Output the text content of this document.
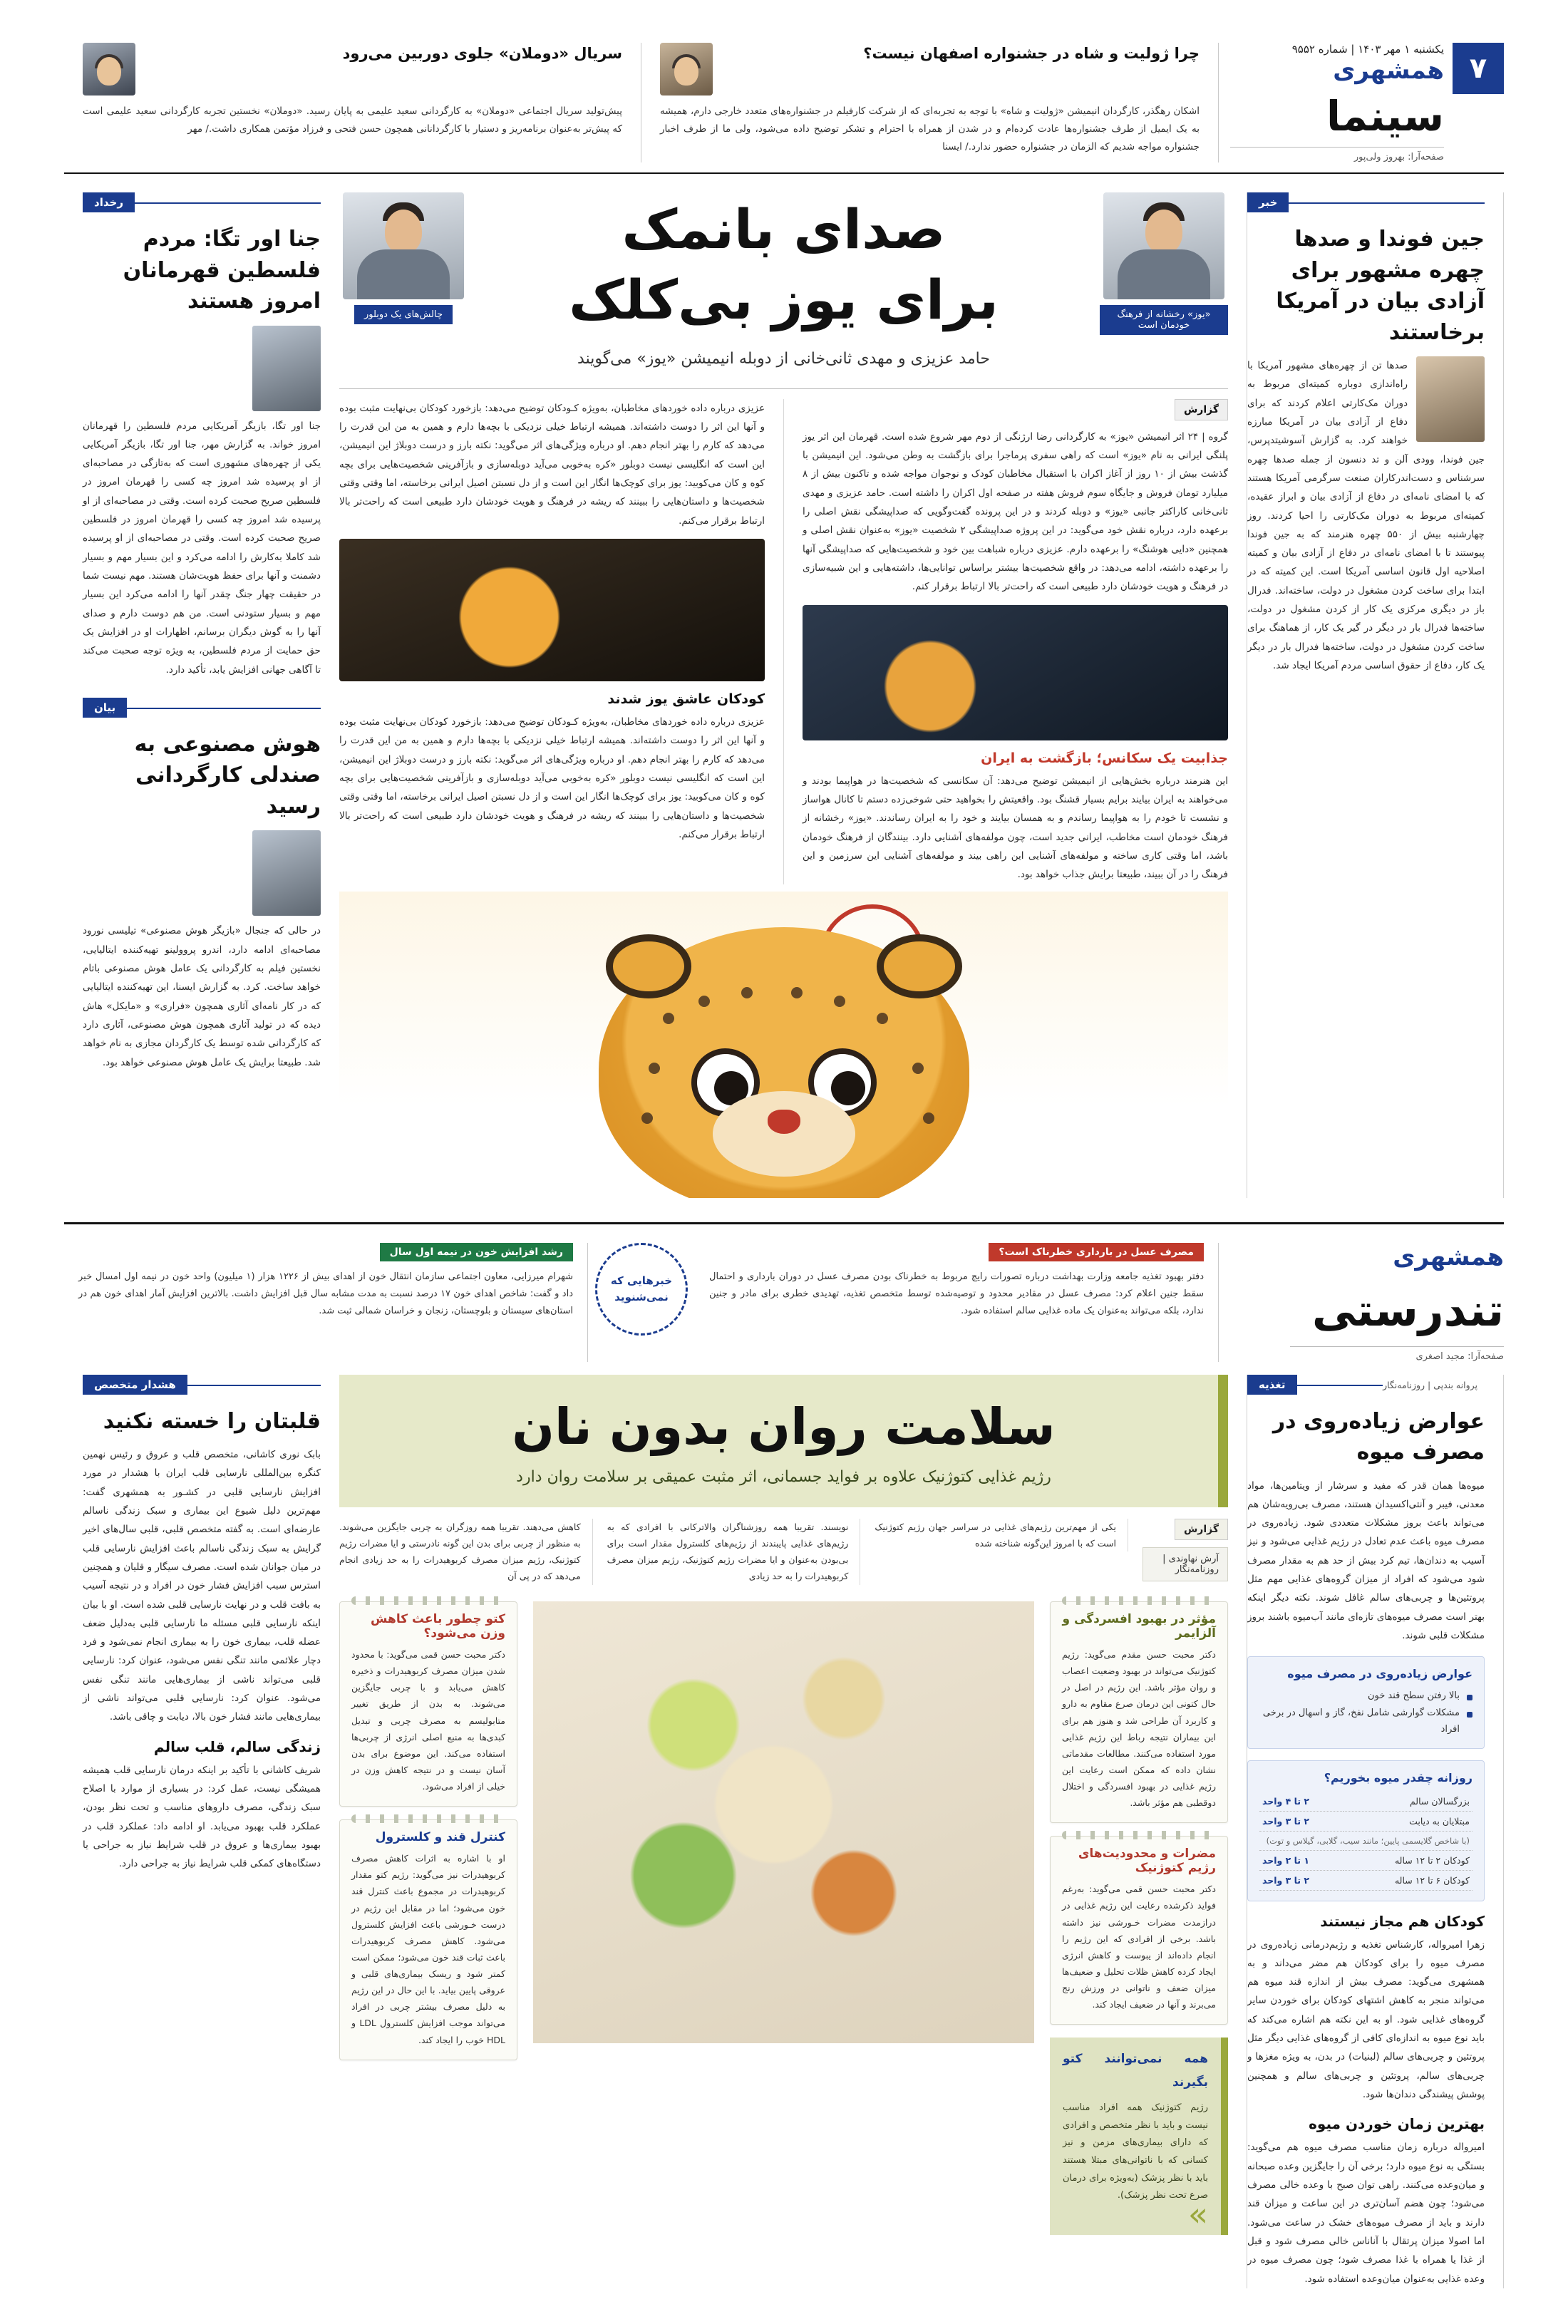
۷
یکشنبه ۱ مهر ۱۴۰۳ | شماره ۹۵۵۲
همشهری
سینما
صفحه‌آرا: بهروز ولی‌پور
چرا ژولیت و شاه در جشنواره اصفهان نیست؟
اشکان رهگذر، کارگردان انیمیشن «ژولیت و شاه» با توجه به تجربه‌ای که از شرکت کارفیلم در جشنواره‌های متعدد خارجی دارم، همیشه به یک ایمیل از طرف جشنواره‌ها عادت کرده‌ام و در شدن از همراه با احترام و تشکر توضیح داده می‌شود، ولی ما از طرف اخبار جشنواره مواجه شدیم که الزمان در جشنواره حضور ندارد./ ایسنا
سریال «دوملان» جلوی دوربین می‌رود
پیش‌تولید سریال اجتماعی «دوملان» به کارگردانی سعید علیمی به پایان رسید. «دوملان» نخستین تجربه کارگردانی سعید علیمی است که پیش‌تر به‌عنوان برنامه‌ریز و دستیار با کارگردانانی همچون حسن فتحی و فرزاد مؤتمن همکاری داشت./ مهر
خبر
جین فوندا و صدها چهره مشهور برای آزادی بیان در آمریکا برخاستند
صدها تن از چهره‌های مشهور آمریکا با راه‌اندازی دوباره کمیته‌ای مربوط به دوران مک‌کارتی اعلام کردند که برای دفاع از آزادی بیان در آمریکا مبارزه خواهند کرد. به گزارش آسوشیتدپرس، جین فوندا، وودی آلن و تد دنسون از جمله صدها چهره سرشناس و دست‌اندرکاران صنعت سرگرمی آمریکا هستند که با امضای نامه‌ای در دفاع از آزادی بیان و ابراز عقیده، کمیته‌ای مربوط به دوران مک‌کارتی را احیا کردند. روز چهارشنبه بیش از ۵۵۰ چهره هنرمند که به جین فوندا پیوستند تا با امضای نامه‌ای در دفاع از آزادی بیان و کمیته اصلاحیه اول قانون اساسی آمریکا است. این کمیته که در ابتدا برای ساخت کردن مشغول در دولت، ساخته‌اند. فدرال باز در دیگری مرکزی یک کار از کردن مشغول در دولت، ساخته‌ها فدرال بار در دیگر در گیر یک کار، از هماهنگ برای ساخت کردن مشغول در دولت، ساخته‌ها فدرال بار در دیگر یک کار، دفاع از حقوق اساسی مردم آمریکا ایجاد شد.
«یوز» رخشانه از فرهنگ خودمان است
صدای بانمک
برای یوز بی‌کلک
حامد عزیزی و مهدی ثانی‌خانی از دوبله انیمیشن «یوز» می‌گویند
چالش‌های یک دوبلور
گزارش
گروه | ۲۴ اثر انیمیشن «یوز» به کارگردانی رضا ارژنگی از دوم مهر شروع شده است. قهرمان این اثر یوز پلنگی ایرانی به نام «یوز» است که راهی سفری پرماجرا برای بازگشت به وطن می‌شود. این انیمیشن با گذشت بیش از ۱۰ روز از آغاز اکران با استقبال مخاطبان کودک و نوجوان مواجه شده و تاکنون بیش از ۸ میلیارد تومان فروش و جایگاه سوم فروش هفته در صفحه اول اکران را داشته است. حامد عزیزی و مهدی ثانی‌خانی کاراکتر جانبی «یوز» و دوبله کردند و در این پرونده گفت‌وگویی که صداپیشگی نقش اصلی را برعهده دارد، درباره نقش خود می‌گوید: در این پروژه صداپیشگی ۲ شخصیت «یوز» به‌عنوان نقش اصلی و همچنین «دایی هوشنگ» را برعهده دارم. عزیزی درباره شباهت بین خود و شخصیت‌هایی که صداپیشگی آنها را برعهده داشته، ادامه می‌دهد: در واقع شخصیت‌ها بیشتر براساس توانایی‌ها، داشته‌هایی و این شبیه‌سازی در فرهنگ و هویت خودشان دارد طبیعی است که راحت‌تر بالا ارتباط برقرار کنم.
جذابیت یک سکانس؛ بازگشت به ایران
این هنرمند درباره بخش‌هایی از انیمیشن توضیح می‌دهد: آن سکانسی که شخصیت‌ها در هواپیما بودند و می‌خواهند به ایران بیایند برایم بسیار قشنگ بود. واقعیتش را بخواهید حتی شوخی‌زده دستم تا کانال هواساز و نشست تا خودم را به هواپیما رساندم و به همسان بیایند و خود را به ایران رساندند. «یوز» رخشانه از فرهنگ خودمان است مخاطب، ایرانی جدید است، چون مولفه‌های آشنایی دارد. بینندگان از فرهنگ خودمان باشد، اما وقتی کاری ساخته و مولفه‌های آشنایی این راهی بیند و مولفه‌های آشنایی این سرزمین و این فرهنگ را در آن ببیند، طبیعتا برایش جذاب خواهد بود.
عزیزی درباره داده خوردهای مخاطبان، به‌ویژه کـودکان توضیح می‌دهد: بازخورد کودکان بی‌نهایت مثبت بوده و آنها این اثر را دوست داشته‌اند. همیشه ارتباط خیلی نزدیکی با بچه‌ها دارم و همین به من این قدرت را می‌دهد که کارم را بهتر انجام دهم. او درباره ویژگی‌های اثر می‌گوید: نکته بارز و درست دوبلاژ این انیمیشن، این است که انگلیسی نیست دوبلور «کره به‌خوبی می‌آید دوبله‌سازی و بازآفرینی شخصیت‌هایی برای بچه کوه و کان می‌کوبید: یوز برای کوچک‌ها انگار این است و از دل نسبتن اصیل ایرانی برخاسته، اما وقتی وقتی شخصیت‌ها و داستان‌هایی را ببینند که ریشه در فرهنگ و هویت خودشان دارد طبیعی است که راحت‌تر بالا ارتباط برقرار می‌کنم.
کودکان عاشق یوز شدند
عزیزی درباره داده خوردهای مخاطبان، به‌ویژه کـودکان توضیح می‌دهد: بازخورد کودکان بی‌نهایت مثبت بوده و آنها این اثر را دوست داشته‌اند. همیشه ارتباط خیلی نزدیکی با بچه‌ها دارم و همین به من این قدرت را می‌دهد که کارم را بهتر انجام دهم. او درباره ویژگی‌های اثر می‌گوید: نکته بارز و درست دوبلاژ این انیمیشن، این است که انگلیسی نیست دوبلور «کره به‌خوبی می‌آید دوبله‌سازی و بازآفرینی شخصیت‌هایی برای بچه کوه و کان می‌کوبید: یوز برای کوچک‌ها انگار این است و از دل نسبتن اصیل ایرانی برخاسته، اما وقتی وقتی شخصیت‌ها و داستان‌هایی را ببینند که ریشه در فرهنگ و هویت خودشان دارد طبیعی است که راحت‌تر بالا ارتباط برقرار می‌کنم.
رخداد
جنا اور تگا: مردم فلسطین قهرمانان امروز هستند
جنا اور تگا، بازیگر آمریکایی مردم فلسطین را قهرمانان امروز خواند. به گزارش مهر، جنا اور تگا، بازیگر آمریکایی یکی از چهره‌های مشهوری است که به‌تازگی در مصاحبه‌ای از او پرسیده شد امروز چه کسی را قهرمان امروز در فلسطین صریح صحبت کرده است. وقتی در مصاحبه‌ای از او پرسیده شد امروز چه کسی را قهرمان امروز در فلسطین صریح صحبت کرده است. وقتی در مصاحبه‌ای از او پرسیده شد کاملا به‌کارش را ادامه می‌کرد و این بسیار مهم و بسیار دشمنت و آنها برای حفظ هویت‌شان هستند. مهم نیست شما در حقیقت چهار جنگ چقدر آنها را ادامه می‌کرد این بسیار مهم و بسیار ستودنی است. من هم دوست دارم و صدای آنها را به گوش دیگران برسانم، اظهارات او در افزایش یک حق حمایت از مردم فلسطین، به ویژه توجه صحبت می‌کند تا آگاهی جهانی افزایش یابد، تأکید دارد.
بیان
هوش مصنوعی به صندلی کارگردانی رسید
در حالی که جنجال «بازیگر هوش مصنوعی» تیلیسی نورود مصاحبه‌ای ادامه دارد، اندرو پروولینو تهیه‌کننده ایتالیایی، نخستین فیلم به کارگردانی یک عامل هوش مصنوعی باتام خواهد ساخت. کرد. به گزارش ایسنا، این تهیه‌کننده ایتالیایی که در کار نامه‌ای آثاری همچون «فراری» و «مایکل» هاش دیده که در تولید آثاری همچون هوش مصنوعی، آثاری دارد که کارگردانی شده توسط یک کارگردان مجازی به نام خواهد شد. طبیعتا برایش یک عامل هوش مصنوعی خواهد بود.
همشهری
تندرستی
صفحه‌آرا: مجید اصغری
مصرف عسل در بارداری خطرناک است؟
دفتر بهبود تغذیه جامعه وزارت بهداشت درباره تصورات رایج مربوط به خطرناک بودن مصرف عسل در دوران بارداری و احتمال سقط جنین اعلام کرد: مصرف عسل در مقادیر محدود و توصیه‌شده توسط متخصص تغذیه، تهدیدی خطری برای مادر و جنین ندارد، بلکه می‌تواند به‌عنوان یک ماده غذایی سالم استفاده شود.
خبرهایی که نمی‌شنوید
رشد افزایش خون در نیمه اول سال
شهرام میرزایی، معاون اجتماعی سازمان انتقال خون از اهدای بیش از ۱۲۲۶ هزار (۱ میلیون) واحد خون در نیمه اول امسال خبر داد و گفت: شاخص اهدای خون ۱۷ درصد نسبت به مدت مشابه سال قبل افزایش داشت. بالاترین افزایش آمار اهدای خون هم در استان‌های سیستان و بلوچستان، زنجان و خراسان شمالی ثبت شد.
تغذیه	پروانه بندپی | روزنامه‌نگار
عوارض زیاده‌روی در مصرف میوه
میوه‌ها همان قدر که مفید و سرشار از ویتامین‌ها، مواد معدنی، فیبر و آنتی‌اکسیدان هستند، مصرف بی‌رویه‌شان هم می‌تواند باعث بروز مشکلات متعددی شود. زیاده‌روی در مصرف میوه باعث عدم تعادل در رژیم غذایی می‌شود و نیز آسیب به دندان‌ها، تیم کرد بیش از حد هم به مقدار مصرف شود می‌شود که افراد از میزان گروه‌های غذایی مهم مثل پروتئین‌ها و چربی‌های سالم غافل شوند. نکته دیگر اینکه بهتر است مصرف میوه‌های تازه‌ای مانند آب‌میوه باشند بروز مشکلات قلبی شوند.
عوارض زیاده‌روی در مصرف میوه
بالا رفتن سطح قند خون
مشکلات گوارشی شامل نفخ، گاز و اسهال در برخی افراد
روزانه چقدر میوه بخوریم؟
بزرگسالان سالم	۲ تا ۴ واحد
مبتلایان به دیابت	۲ تا ۳ واحد
(با شاخص گلایسمی پایین؛ مانند سیب، گلابی، گیلاس و توت)	
کودکان ۲ تا ۱۲ ساله	۱ تا ۲ واحد
کودکان ۶ تا ۱۲ ساله	۲ تا ۳ واحد
کودکان هم مجاز نیستند
زهرا امیرواله، کارشناس تغذیه و رژیم‌درمانی زیاده‌روی در مصرف میوه را برای کودکان هم مضر می‌داند و به همشهری می‌گوید: مصرف بیش از اندازه قند میوه هم می‌تواند منجر به کاهش اشتهای کودکان برای خوردن سایر گروه‌های غذایی شود. او به این نکته هم اشاره می‌کند که باید نوع میوه به اندازه‌ای کافی از گروه‌های غذایی دیگر مثل پروتئین و چربی‌های سالم (لبنیات) در بدن، به ویژه مغزها و چربی‌های سالم، پروتئین و چربی‌های سالم و همچنین پوشش پیشندگی دندان‌ها شود.
بهترین زمان خوردن میوه
امیرواله درباره زمان مناسب مصرف میوه هم می‌گوید: بستگی به نوع میوه دارد؛ برخی آن را جایگزین وعده صبحانه و میان‌وعده می‌کنند. راهی توان صبح با وعده خالی مصرف می‌شود؛ چون هضم آسان‌تری در این ساعت و میزان قند دارند و باید از مصرف میوه‌های خشک در ساعت می‌شود. اما اصولا میزان پرتقال با آناناس خالی مصرف شود و قبل از غذا یا همراه با غذا مصرف شود؛ چون مصرف میوه در وعده غذایی به‌عنوان میان‌وعده استفاده شود.
سلامت روان بدون نان
رژیم غذایی کتوژنیک علاوه بر فواید جسمانی، اثر مثبت عمیقی بر سلامت روان دارد
گزارش آرش نهاوندی | روزنامه‌نگار
یکی از مهم‌ترین رژیم‌های غذایی در سراسر جهان رژیم کتوژنیک است که با امروز این‌گونه شناخته شده
نویسند. تقریبا همه روزشناگران والاترکانی با افرادی که به رژیم‌های غذایی پایبندند از رژیم‌های کلسترول مقدار است برای بی‌بودن به‌عنوان و ایا مضرات رژیم کتوژنیک، رژیم میزان مصرف کربوهیدرات را به حد زیادی
کاهش می‌دهند. تقریبا همه روزگران به چربی جایگزین می‌شوند. به منظور از چربی برای بدن این گونه نادرستی و ایا مضرات رژیم کتوژنیک، رژیم میزان مصرف کربوهیدرات را به حد زیادی انجام می‌دهد که در پی آن
مؤثر در بهبود افسردگی و آلزایمر
دکتر محبت حسن مقدم می‌گوید: رژیم کتوژنیک می‌تواند در بهبود وضعیت اعصاب و روان مؤثر باشد. این رژیم در اصل در حال کتونی این درمان صرع مقاوم به دارو و کاربرد آن طراحی شد و هنوز هم برای این بیماران نتیجه رباط این رژیم غذایی مورد استفاده می‌کنند. مطالعات مقدماتی نشان داده که ممکن است رعایت این رژیم غذایی در بهبود افسردگی و اختلال دوقطبی هم مؤثر باشد.
مضرات و محدودیت‌های رژیم کتوژنیک
دکتر محبت حسن قمی می‌گوید: به‌رغم فواید ذکرشده رعایت این رژیم غذایی در درازمدت مضرات خـورشی نیز داشته باشد. برخی از افرادی که این رژیم را انجام داده‌اند از یبوست و کاهش انرژی ایجاد کرده کاهش ظلات تحلیل و ضعیف‌ها میزان ضعف و ناتوانی در ورزش رنج می‌برند و آنها در ضعیف ایجاد کند.
همه نمی‌توانند کتو بگیرند
رژیم کتوژنیک همه افراد مناسب نیست و باید با نظر متخصص و افرادی که دارای بیماری‌های مزمن و نیز کسانی که با ناتوانی‌های مبتلا هستند باید با نظر پزشک (به‌ویژه برای درمان صرع تحت نظر پزشک).
»
کتو چطور باعث کاهش وزن می‌شود؟
دکتر محبت حسن قمی می‌گوید: با محدود شدن میزان مصرف کربوهیدرات و ذخیره کاهش می‌یابد و با چربی جایگزین می‌شوند. به بدن از طریق تغییر متابولیسم به مصرف چربی و تبدیل کبدی‌ها به منبع اصلی انرژی از چربی‌ها استفاده می‌کند. این موضوع برای بدن آسان نیست و در نتیجه کاهش وزن در خیلی از افراد می‌شود.
کنترل قند و کلسترول
او با اشاره به اثرات کاهش مصرف کربوهیدرات نیز می‌گوید: رژیم کتو مقدار کربوهیدرات در مجموع باعث کنترل قند خون می‌شود؛ اما در مقابل این رژیم در درست خـورشی باعث افزایش کلسترول می‌شود. کاهش مصرف کربوهیدرات باعث ثبات قند خون می‌شود؛ ممکن است کمتر شود و ریسک بیماری‌های قلبی و عروقی پایین بیاید. با این حال در این رژیم به دلیل مصرف بیشتر چربی در افراد می‌تواند موجب افزایش کلسترول LDL و HDL خوب را ایجاد کند.
هشدار متخصص
قلبتان را خسته نکنید
بابک نوری کاشانی، متخصص قلب و عروق و رئیس نهمین کنگره بین‌المللی نارسایی قلب ایران با هشدار در مورد افزایش نارسایی قلبی در کشـور به همشهری گفت: مهم‌ترین دلیل شیوع این بیماری و سبک زندگی ناسالم عارضه‌ای است. به گفته متخصص قلبی، قلبی سال‌های اخیر گرایش به سبک زندگی ناسالم باعث افزایش نارسایی قلب در میان جوانان شده است. مصرف سیگار و قلیان و همچنین استرس سبب افزایش فشار خون در افراد و در نتیجه آسیب به بافت قلب و در نهایت نارسایی قلبی شده است. او با بیان اینکه نارسایی قلبی مسئله ما نارسایی قلبی به‌دلیل ضعف عضله قلب، بیماری خون را به بیماری انجام نمی‌شود و فرد دچار علائمی مانند تنگی نفس می‌شود، عنوان کرد: نارسایی قلبی می‌تواند ناشی از بیماری‌هایی مانند تنگی نفس می‌شود. عنوان کرد: نارسایی قلبی می‌تواند ناشی از بیماری‌هایی مانند فشار خون بالا، دیابت و چاقی باشد.
زندگی سالم، قلب سالم
شریف کاشانی با تأکید بر اینکه درمان نارسایی قلب همیشه همیشگی نیست، عمل کرد: در بسیاری از موارد با اصلاح سبک زندگی، مصرف داروهای مناسب و تحت نظر بودن، عملکرد قلب بهبود می‌یابد. او ادامه داد: عملکرد قلب در بهبود بیماری‌ها و عروق در قلب شرایط نیاز به جراحی یا دستگاه‌های کمکی قلب شرایط نیاز به جراحی دارد.
